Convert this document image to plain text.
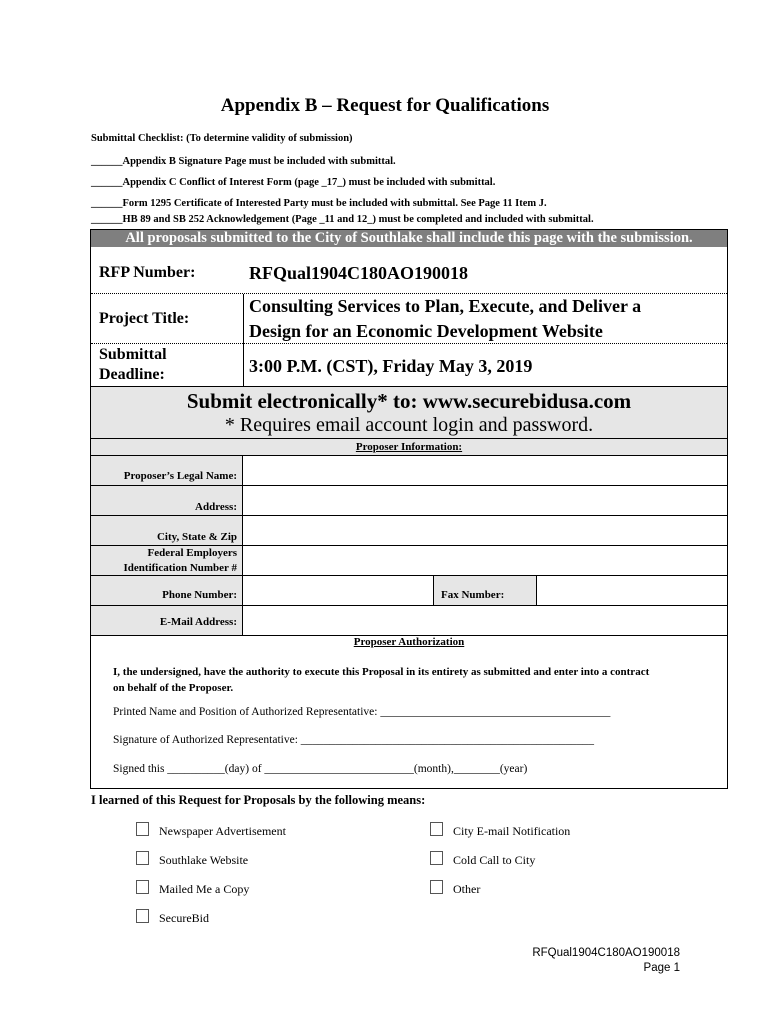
Appendix B – Request for Qualifications
Submittal Checklist: (To determine validity of submission)
______Appendix B Signature Page must be included with submittal.
______Appendix C Conflict of Interest Form (page _17_) must be included with submittal.
______Form 1295 Certificate of Interested Party must be included with submittal. See Page 11 Item J.
______HB 89 and SB 252 Acknowledgement (Page _11 and 12_) must be completed and included with submittal.
All proposals submitted to the City of Southlake shall include this page with the submission.
RFP Number:	RFQual1904C180AO190018
Project Title:
Consulting Services to Plan, Execute, and Deliver a
Design for an Economic Development Website
Submittal
Deadline:	3:00 P.M. (CST), Friday May 3, 2019
Submit electronically* to: www.securebidusa.com
* Requires email account login and password.
Proposer Information:
Proposer’s Legal Name:
Address:
City, State & Zip
Federal Employers
Identification Number #
Phone Number:	Fax Number:
E-Mail Address:
Proposer Authorization
I, the undersigned, have the authority to execute this Proposal in its entirety as submitted and enter into a contract
on behalf of the Proposer.
Printed Name and Position of Authorized Representative: ________________________________________
Signature of Authorized Representative: ___________________________________________________
Signed this __________(day) of __________________________(month),________(year)
I learned of this Request for Proposals by the following means:
Newspaper Advertisement
Southlake Website
Mailed Me a Copy
SecureBid
City E-mail Notification
Cold Call to City
Other
RFQual1904C180AO190018
Page 1
